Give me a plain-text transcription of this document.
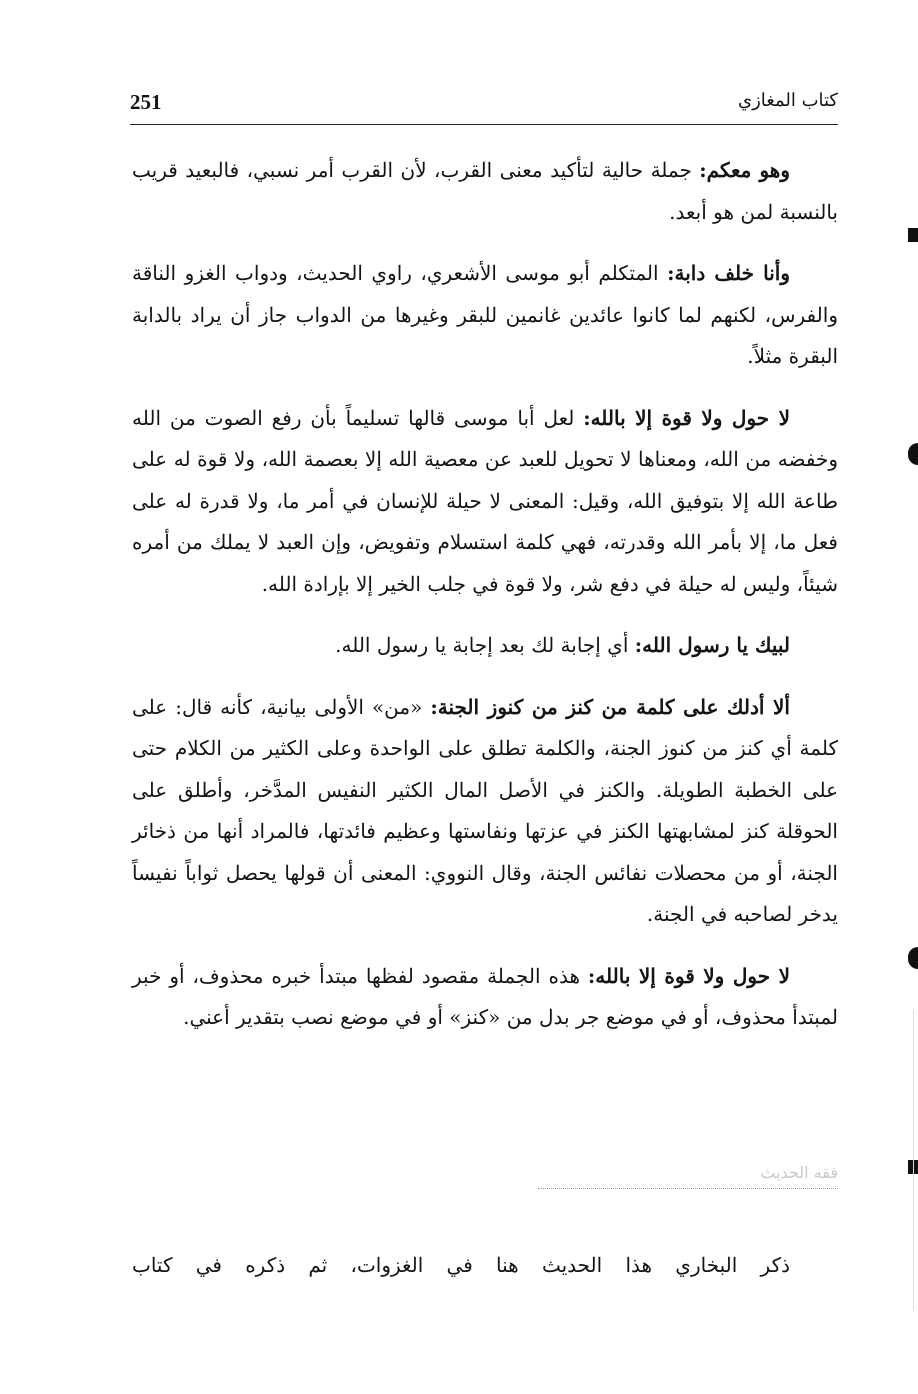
251	كتاب المغازي

وهو معكم: جملة حالية لتأكيد معنى القرب، لأن القرب أمر نسبي، فالبعيد قريب بالنسبة لمن هو أبعد.

وأنا خلف دابة: المتكلم أبو موسى الأشعري، راوي الحديث، ودواب الغزو الناقة والفرس، لكنهم لما كانوا عائدين غانمين للبقر وغيرها من الدواب جاز أن يراد بالدابة البقرة مثلاً.

لا حول ولا قوة إلا بالله: لعل أبا موسى قالها تسليماً بأن رفع الصوت من الله وخفضه من الله، ومعناها لا تحويل للعبد عن معصية الله إلا بعصمة الله، ولا قوة له على طاعة الله إلا بتوفيق الله، وقيل: المعنى لا حيلة للإنسان في أمر ما، ولا قدرة له على فعل ما، إلا بأمر الله وقدرته، فهي كلمة استسلام وتفويض، وإن العبد لا يملك من أمره شيئاً، وليس له حيلة في دفع شر، ولا قوة في جلب الخير إلا بإرادة الله.

لبيك يا رسول الله: أي إجابة لك بعد إجابة يا رسول الله.

ألا أدلك على كلمة من كنز من كنوز الجنة: «من» الأولى بيانية، كأنه قال: على كلمة أي كنز من كنوز الجنة، والكلمة تطلق على الواحدة وعلى الكثير من الكلام حتى على الخطبة الطويلة. والكنز في الأصل المال الكثير النفيس المدَّخر، وأطلق على الحوقلة كنز لمشابهتها الكنز في عزتها ونفاستها وعظيم فائدتها، فالمراد أنها من ذخائر الجنة، أو من محصلات نفائس الجنة، وقال النووي: المعنى أن قولها يحصل ثواباً نفيساً يدخر لصاحبه في الجنة.

لا حول ولا قوة إلا بالله: هذه الجملة مقصود لفظها مبتدأ خبره محذوف، أو خبر لمبتدأ محذوف، أو في موضع جر بدل من «كنز» أو في موضع نصب بتقدير أعني.

فقه الحديث
ذكر البخاري هذا الحديث هنا في الغزوات، ثم ذكره في كتاب
